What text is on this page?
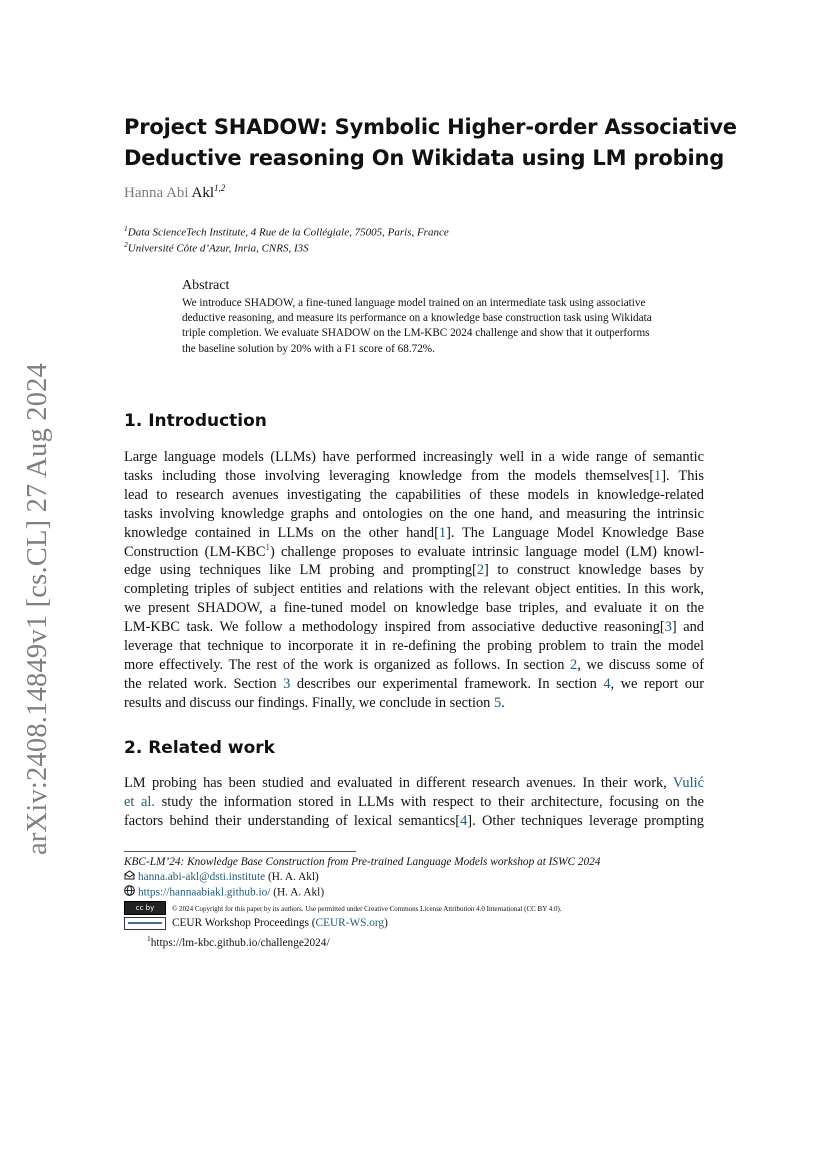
arXiv:2408.14849v1 [cs.CL] 27 Aug 2024
Project SHADOW: Symbolic Higher-order Associative
Deductive reasoning On Wikidata using LM probing
Hanna Abi Akl$^{1,2}$
$^1$Data ScienceTech Institute, 4 Rue de la Collégiale, 75005, Paris, France
$^2$Université Côte d’Azur, Inria, CNRS, I3S
Abstract
We introduce SHADOW, a fine-tuned language model trained on an intermediate task using associative
deductive reasoning, and measure its performance on a knowledge base construction task using Wikidata
triple completion. We evaluate SHADOW on the LM-KBC 2024 challenge and show that it outperforms
the baseline solution by 20% with a F1 score of 68.72%.
1. Introduction
Large language models (LLMs) have performed increasingly well in a wide range of semantic
tasks including those involving leveraging knowledge from the models themselves[1]. This
lead to research avenues investigating the capabilities of these models in knowledge-related
tasks involving knowledge graphs and ontologies on the one hand, and measuring the intrinsic
knowledge contained in LLMs on the other hand[1]. The Language Model Knowledge Base
Construction (LM-KBC$^1$) challenge proposes to evaluate intrinsic language model (LM) knowl-
edge using techniques like LM probing and prompting[2] to construct knowledge bases by
completing triples of subject entities and relations with the relevant object entities. In this work,
we present SHADOW, a fine-tuned model on knowledge base triples, and evaluate it on the
LM-KBC task. We follow a methodology inspired from associative deductive reasoning[3] and
leverage that technique to incorporate it in re-defining the probing problem to train the model
more effectively. The rest of the work is organized as follows. In section 2, we discuss some of
the related work. Section 3 describes our experimental framework. In section 4, we report our
results and discuss our findings. Finally, we conclude in section 5.
2. Related work
LM probing has been studied and evaluated in different research avenues. In their work, Vulić
et al. study the information stored in LLMs with respect to their architecture, focusing on the
factors behind their understanding of lexical semantics[4]. Other techniques leverage prompting
KBC-LM’24: Knowledge Base Construction from Pre-trained Language Models workshop at ISWC 2024
hanna.abi-akl@dsti.institute (H. A. Akl)
https://hannaabiakl.github.io/ (H. A. Akl)
cc by	© 2024 Copyright for this paper by its authors. Use permitted under Creative Commons License Attribution 4.0 International (CC BY 4.0).
CEUR Workshop Proceedings (CEUR-WS.org)
$^1$https://lm-kbc.github.io/challenge2024/
